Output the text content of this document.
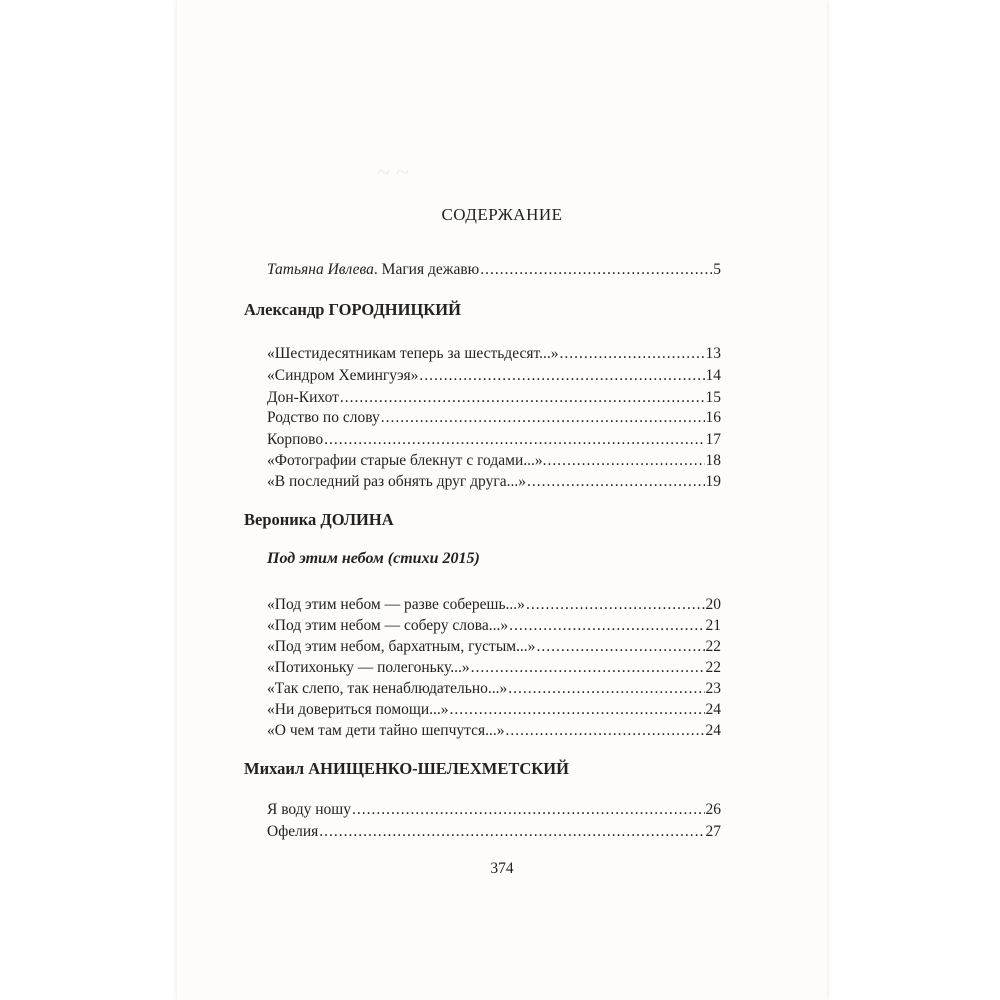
~ ~
СОДЕРЖАНИЕ
Татьяна Ивлева. Магия дежавю .....	5
Александр ГОРОДНИЦКИЙ
«Шестидесятникам теперь за шестьдесят...» .....	13
«Синдром Хемингуэя» .....	14
Дон-Кихот .....	15
Родство по слову .....	16
Корпово .....	17
«Фотографии старые блекнут с годами...». .....	18
«В последний раз обнять друг друга...» .....	19
Вероника ДОЛИНА
Под этим небом (стихи 2015)
«Под этим небом — разве соберешь...» .....	20
«Под этим небом — соберу слова...» .....	21
«Под этим небом, бархатным, густым...» .....	22
«Потихоньку — полегоньку...» .....	22
«Так слепо, так ненаблюдательно...» .....	23
«Ни довериться помощи...» .....	24
«О чем там дети тайно шепчутся...» .....	24
Михаил АНИЩЕНКО-ШЕЛЕХМЕТСКИЙ
Я воду ношу .....	26
Офелия .....	27
374
